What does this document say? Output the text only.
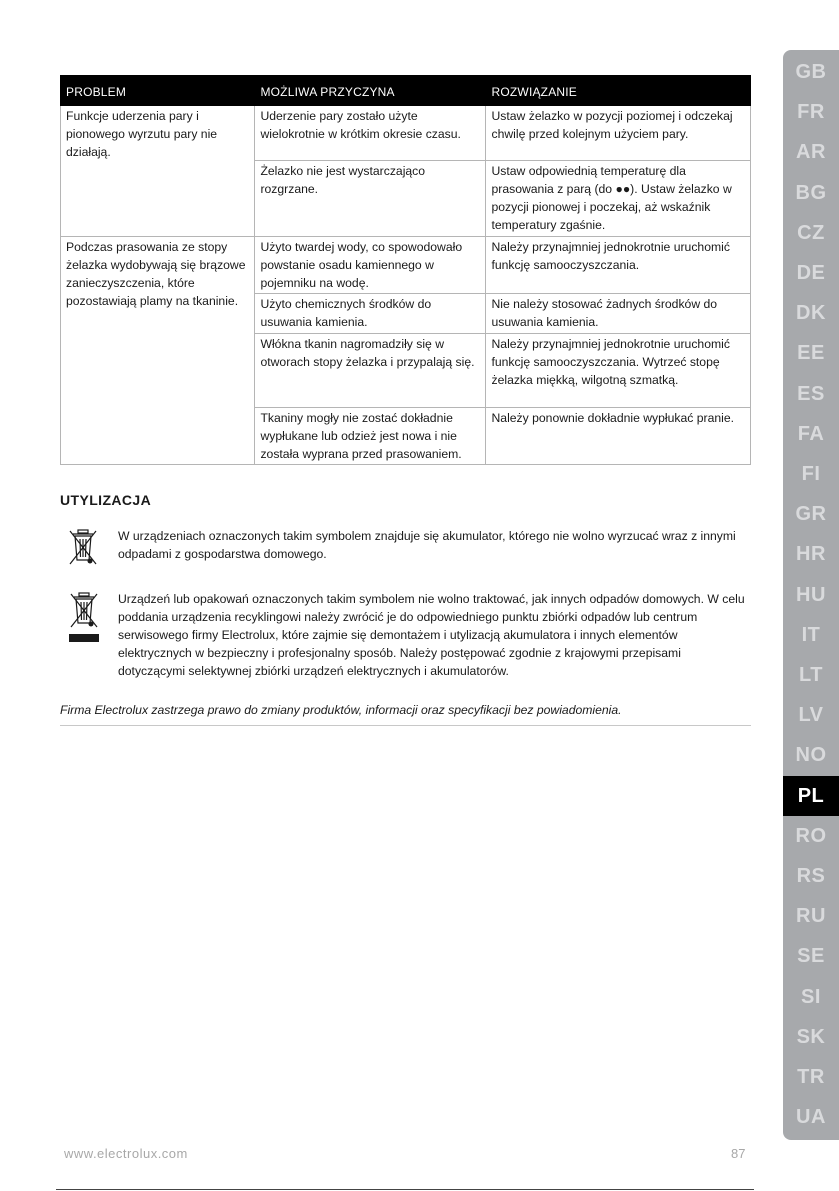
PROBLEM	MOŻLIWA PRZYCZYNA	ROZWIĄZANIE
Funkcje uderzenia pary i pionowego wyrzutu pary nie działają.	Uderzenie pary zostało użyte wielokrotnie w krótkim okresie czasu.	Ustaw żelazko w pozycji poziomej i odczekaj chwilę przed kolejnym użyciem pary.
	Żelazko nie jest wystarczająco rozgrzane.	Ustaw odpowiednią temperaturę dla prasowania z parą (do ●●). Ustaw żelazko w pozycji pionowej i poczekaj, aż wskaźnik temperatury zgaśnie.
Podczas prasowania ze stopy żelazka wydobywają się brązowe zanieczyszczenia, które pozostawiają plamy na tkaninie.	Użyto twardej wody, co spowodowało powstanie osadu kamiennego w pojemniku na wodę.	Należy przynajmniej jednokrotnie uruchomić funkcję samooczyszczania.
	Użyto chemicznych środków do usuwania kamienia.	Nie należy stosować żadnych środków do usuwania kamienia.
	Włókna tkanin nagromadziły się w otworach stopy żelazka i przypalają się.	Należy przynajmniej jednokrotnie uruchomić funkcję samooczyszczania. Wytrzeć stopę żelazka miękką, wilgotną szmatką.
	Tkaniny mogły nie zostać dokładnie wypłukane lub odzież jest nowa i nie została wyprana przed prasowaniem.	Należy ponownie dokładnie wypłukać pranie.
UTYLIZACJA

W urządzeniach oznaczonych takim symbolem znajduje się akumulator, którego nie wolno wyrzucać wraz z innymi odpadami z gospodarstwa domowego.

Urządzeń lub opakowań oznaczonych takim symbolem nie wolno traktować, jak innych odpadów domowych. W celu poddania urządzenia recyklingowi należy zwrócić je do odpowiedniego punktu zbiórki odpadów lub centrum serwisowego firmy Electrolux, które zajmie się demontażem i utylizacją akumulatora i innych elementów elektrycznych w bezpieczny i profesjonalny sposób. Należy postępować zgodnie z krajowymi przepisami dotyczącymi selektywnej zbiórki urządzeń elektrycznych i akumulatorów.

Firma Electrolux zastrzega prawo do zmiany produktów, informacji oraz specyfikacji bez powiadomienia.

www.electrolux.com	87
GB
FR
AR
BG
CZ
DE
DK
EE
ES
FA
FI
GR
HR
HU
IT
LT
LV
NO
PL
RO
RS
RU
SE
SI
SK
TR
UA
